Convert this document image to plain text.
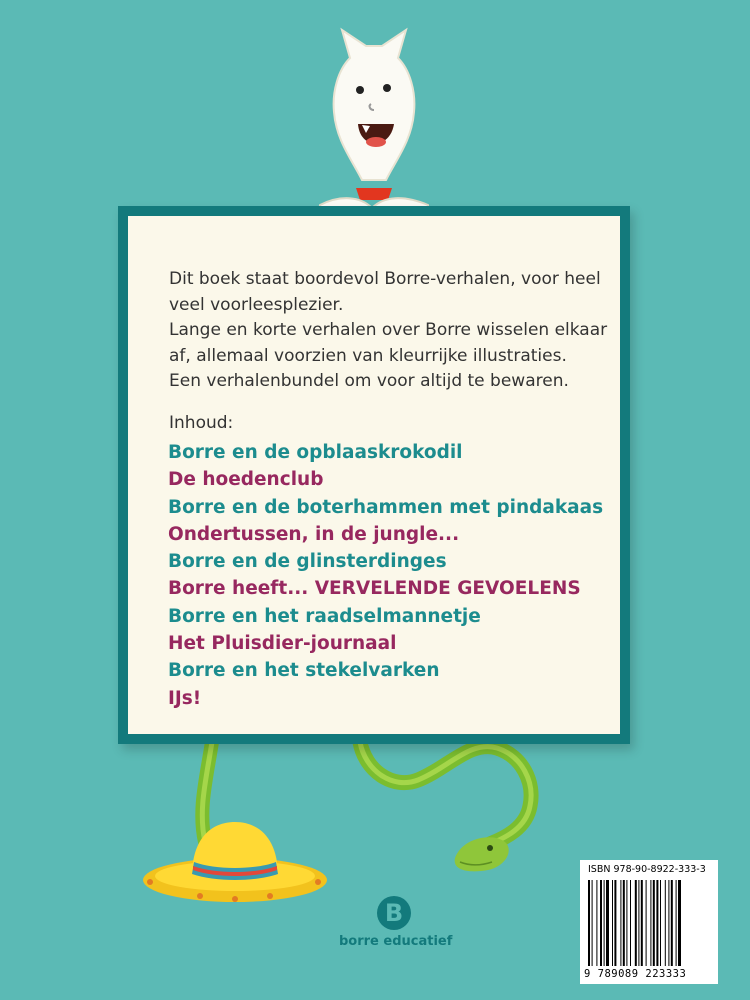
Dit boek staat boordevol Borre-verhalen, voor heel veel voorleesplezier.

Lange en korte verhalen over Borre wisselen elkaar af, allemaal voorzien van kleurrijke illustraties.

Een verhalenbundel om voor altijd te bewaren.

Inhoud:
Borre en de opblaaskrokodil
De hoedenclub
Borre en de boterhammen met pindakaas
Ondertussen, in de jungle...
Borre en de glinsterdinges
Borre heeft... VERVELENDE GEVOELENS
Borre en het raadselmannetje
Het Pluisdier-journaal
Borre en het stekelvarken
IJs!
B
borre educatief
ISBN 978-90-8922-333-3
9 789089 223333
